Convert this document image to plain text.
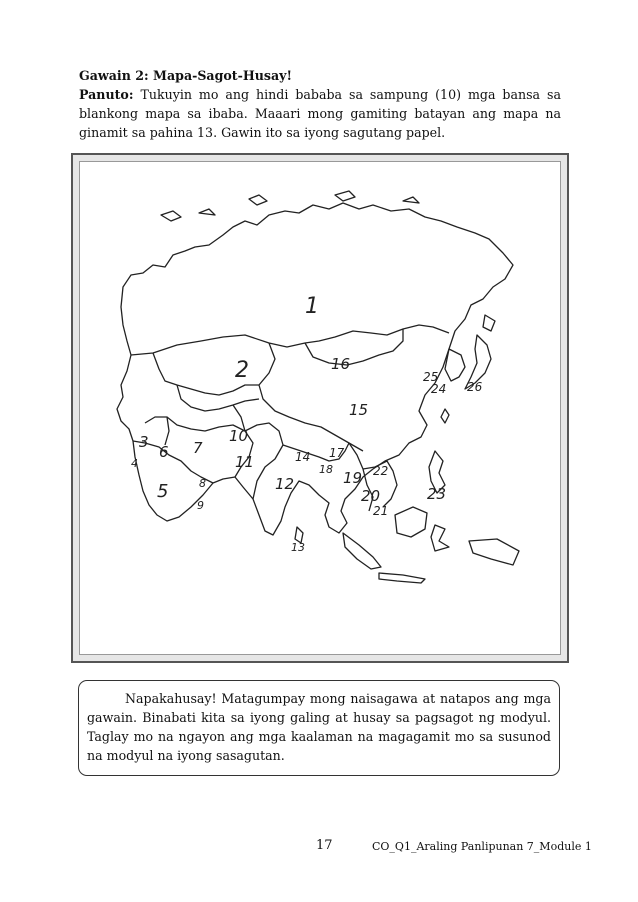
Gawain 2: Mapa-Sagot-Husay!
Panuto: Tukuyin mo ang hindi bababa sa sampung (10) mga bansa sa blankong mapa sa ibaba. Maaari mong gamiting batayan ang mapa na ginamit sa pahina 13. Gawin ito sa iyong sagutang papel.
1
2
3
4
5
6 7
8
9
10
11
12
13
14
15
16
17
18 19
20
21
22
23
24
25
26

Napakahusay! Matagumpay mong naisagawa at natapos ang mga gawain. Binabati kita sa iyong galing at husay sa pagsagot ng modyul. Taglay mo na ngayon ang mga kaalaman na magagamit mo sa susunod na modyul na iyong sasagutan.

17	CO_Q1_Araling Panlipunan 7_Module 1
